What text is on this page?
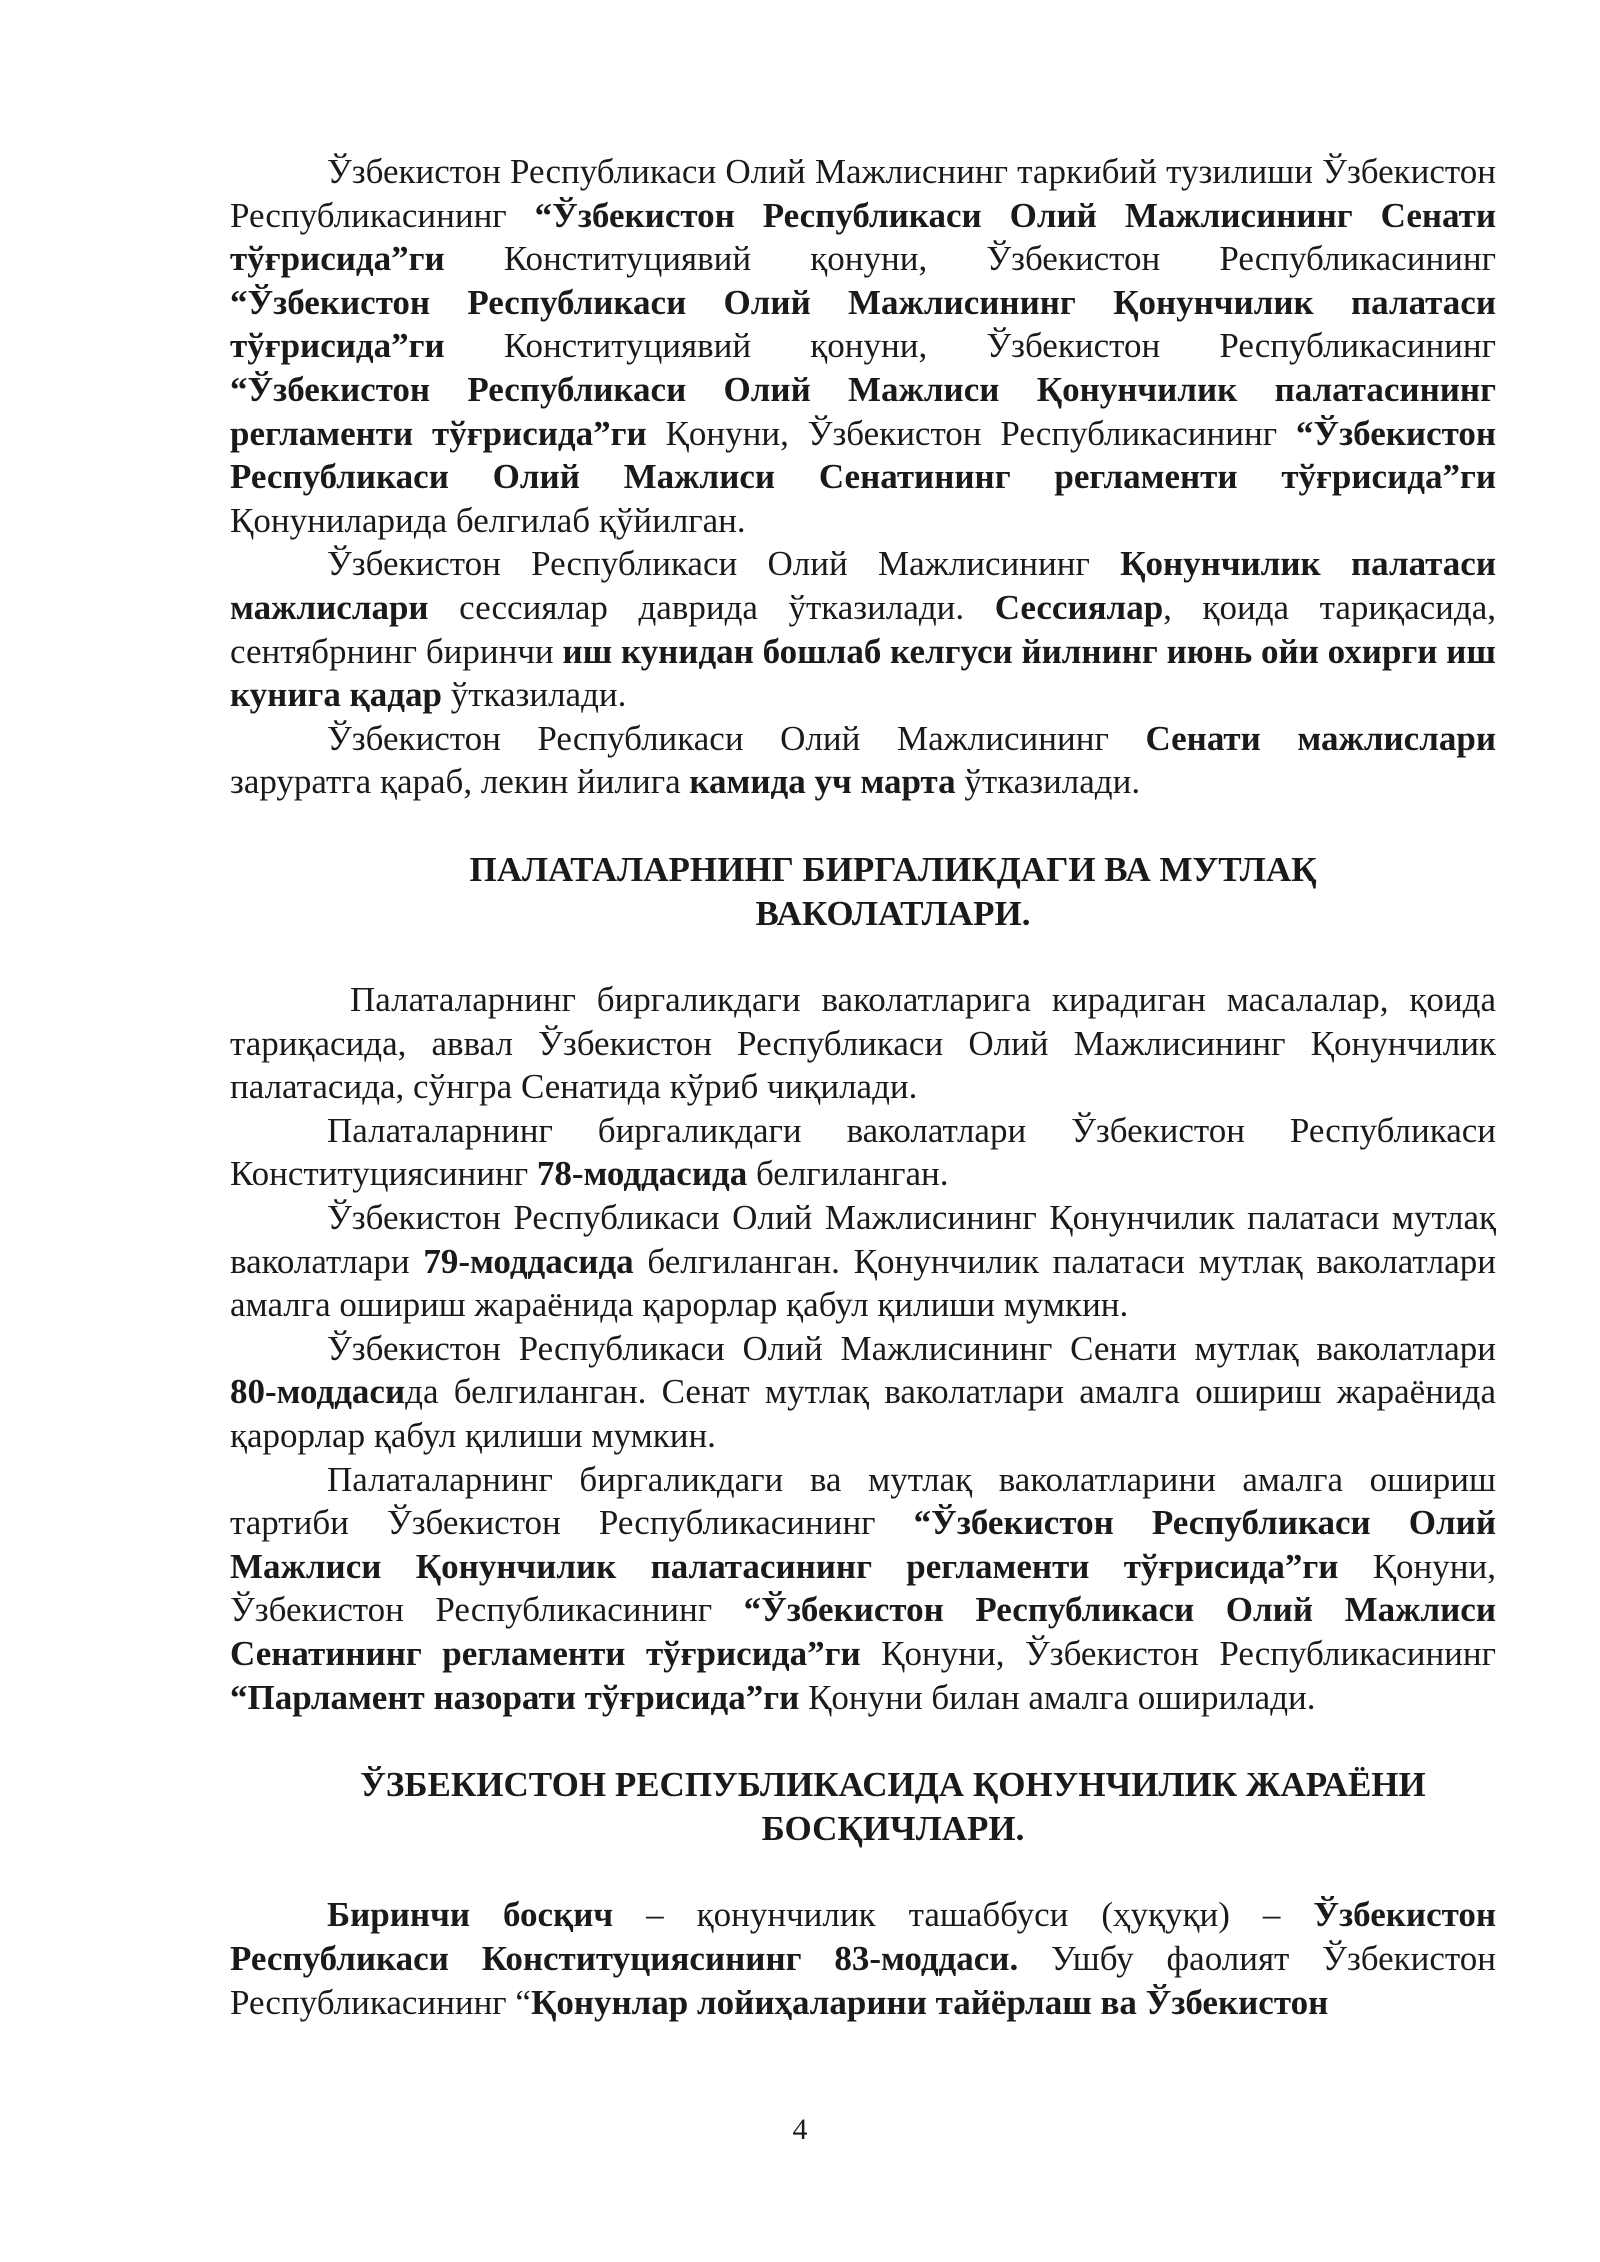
Ўзбекистон Республикаси Олий Мажлиснинг таркибий тузилиши Ўзбекистон Республикасининг “Ўзбекистон Республикаси Олий Мажлисининг Сенати тўғрисида”ги Конституциявий қонуни, Ўзбекистон Республикасининг “Ўзбекистон Республикаси Олий Мажлисининг Қонунчилик палатаси тўғрисида”ги Конституциявий қонуни, Ўзбекистон Республикасининг “Ўзбекистон Республикаси Олий Мажлиси Қонунчилик палатасининг регламенти тўғрисида”ги Қонуни, Ўзбекистон Республикасининг “Ўзбекистон Республикаси Олий Мажлиси Сенатининг регламенти тўғрисида”ги Қонуниларида белгилаб қўйилган.

Ўзбекистон Республикаси Олий Мажлисининг Қонунчилик палатаси мажлислари сессиялар даврида ўтказилади. Сессиялар, қоида тариқасида, сентябрнинг биринчи иш кунидан бошлаб келгуси йилнинг июнь ойи охирги иш кунига қадар ўтказилади.

Ўзбекистон Республикаси Олий Мажлисининг Сенати мажлислари заруратга қараб, лекин йилига камида уч марта ўтказилади.

ПАЛАТАЛАРНИНГ БИРГАЛИКДАГИ ВА МУТЛАҚ
ВАКОЛАТЛАРИ.

Палаталарнинг биргаликдаги ваколатларига кирадиган масалалар, қоида тариқасида, аввал Ўзбекистон Республикаси Олий Мажлисининг Қонунчилик палатасида, сўнгра Сенатида кўриб чиқилади.

Палаталарнинг биргаликдаги ваколатлари Ўзбекистон Республикаси Конституциясининг 78-моддасида белгиланган.

Ўзбекистон Республикаси Олий Мажлисининг Қонунчилик палатаси мутлақ ваколатлари 79-моддасида белгиланган. Қонунчилик палатаси мутлақ ваколатлари амалга ошириш жараёнида қарорлар қабул қилиши мумкин.

Ўзбекистон Республикаси Олий Мажлисининг Сенати мутлақ ваколатлари 80-моддасида белгиланган. Сенат мутлақ ваколатлари амалга ошириш жараёнида қарорлар қабул қилиши мумкин.

Палаталарнинг биргаликдаги ва мутлақ ваколатларини амалга ошириш тартиби Ўзбекистон Республикасининг “Ўзбекистон Республикаси Олий Мажлиси Қонунчилик палатасининг регламенти тўғрисида”ги Қонуни, Ўзбекистон Республикасининг “Ўзбекистон Республикаси Олий Мажлиси Сенатининг регламенти тўғрисида”ги Қонуни, Ўзбекистон Республикасининг “Парламент назорати тўғрисида”ги Қонуни билан амалга оширилади.

ЎЗБЕКИСТОН РЕСПУБЛИКАСИДА ҚОНУНЧИЛИК ЖАРАЁНИ
БОСҚИЧЛАРИ.

Биринчи босқич – қонунчилик ташаббуси (ҳуқуқи) – Ўзбекистон Республикаси Конституциясининг 83-моддаси. Ушбу фаолият Ўзбекистон Республикасининг “Қонунлар лойиҳаларини тайёрлаш ва Ўзбекистон

4
